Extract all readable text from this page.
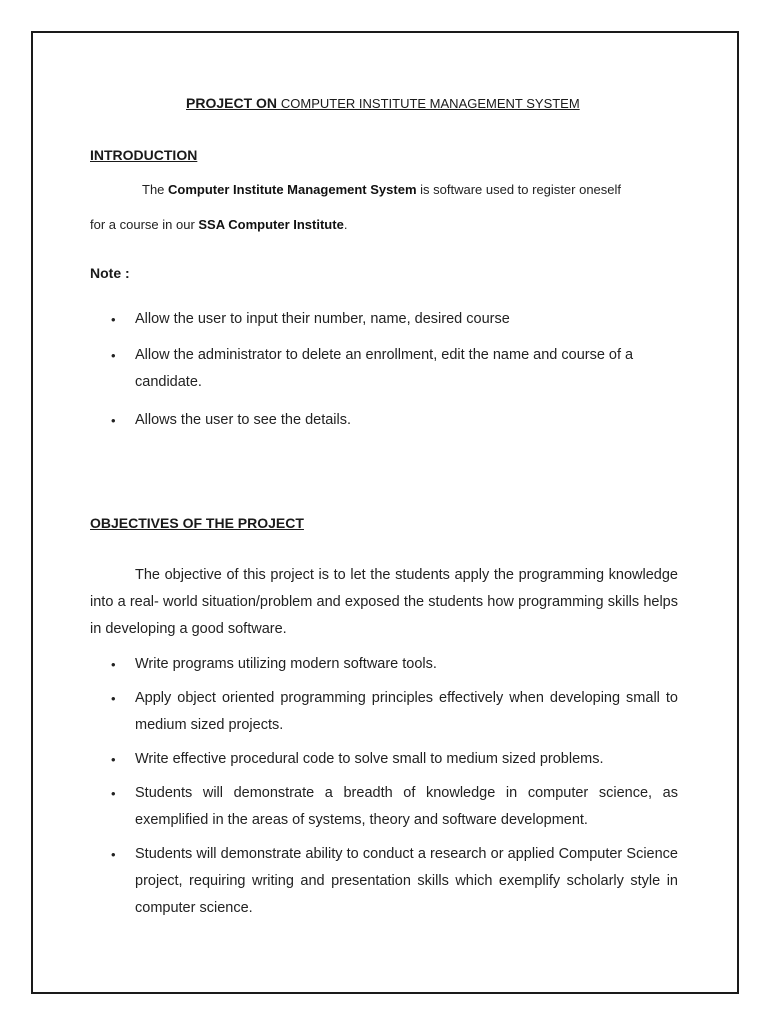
PROJECT ON COMPUTER INSTITUTE MANAGEMENT SYSTEM
INTRODUCTION
The Computer Institute Management System is software used to register oneself
for a course in our SSA Computer Institute.
Note :
• Allow the user to input their number, name, desired course
• Allow the administrator to delete an enrollment, edit the name and course of a candidate.
• Allows the user to see the details.
OBJECTIVES OF THE PROJECT
The objective of this project is to let the students apply the programming knowledge into a real- world situation/problem and exposed the students how programming skills helps in developing a good software.
• Write programs utilizing modern software tools.
• Apply object oriented programming principles effectively when developing small to medium sized projects.
• Write effective procedural code to solve small to medium sized problems.
• Students will demonstrate a breadth of knowledge in computer science, as exemplified in the areas of systems, theory and software development.
• Students will demonstrate ability to conduct a research or applied Computer Science project, requiring writing and presentation skills which exemplify scholarly style in computer science.
